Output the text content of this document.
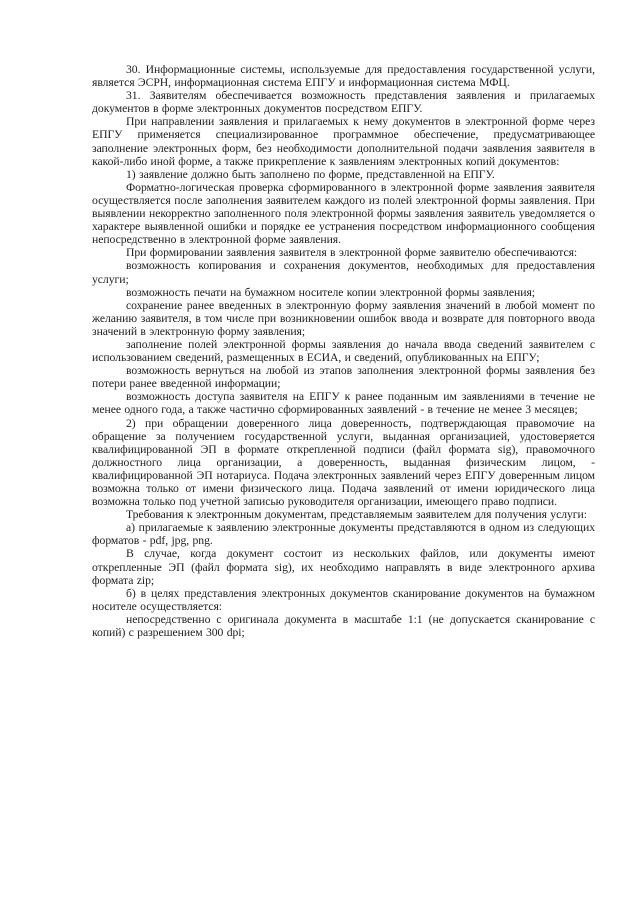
30. Информационные системы, используемые для предоставления государственной услуги, является ЭСРН, информационная система ЕПГУ и информационная система МФЦ.

31. Заявителям обеспечивается возможность представления заявления и прилагаемых документов в форме электронных документов посредством ЕПГУ.

При направлении заявления и прилагаемых к нему документов в электронной форме через ЕПГУ применяется специализированное программное обеспечение, предусматривающее заполнение электронных форм, без необходимости дополнительной подачи заявления заявителя в какой-либо иной форме, а также прикрепление к заявлениям электронных копий документов:

1) заявление должно быть заполнено по форме, представленной на ЕПГУ.

Форматно-логическая проверка сформированного в электронной форме заявления заявителя осуществляется после заполнения заявителем каждого из полей электронной формы заявления. При выявлении некорректно заполненного поля электронной формы заявления заявитель уведомляется о характере выявленной ошибки и порядке ее устранения посредством информационного сообщения непосредственно в электронной форме заявления.

При формировании заявления заявителя в электронной форме заявителю обеспечиваются:

возможность копирования и сохранения документов, необходимых для предоставления услуги;

возможность печати на бумажном носителе копии электронной формы заявления;

сохранение ранее введенных в электронную форму заявления значений в любой момент по желанию заявителя, в том числе при возникновении ошибок ввода и возврате для повторного ввода значений в электронную форму заявления;

заполнение полей электронной формы заявления до начала ввода сведений заявителем с использованием сведений, размещенных в ЕСИА, и сведений, опубликованных на ЕПГУ;

возможность вернуться на любой из этапов заполнения электронной формы заявления без потери ранее введенной информации;

возможность доступа заявителя на ЕПГУ к ранее поданным им заявлениями в течение не менее одного года, а также частично сформированных заявлений - в течение не менее 3 месяцев;

2) при обращении доверенного лица доверенность, подтверждающая правомочие на обращение за получением государственной услуги, выданная организацией, удостоверяется квалифицированной ЭП в формате открепленной подписи (файл формата sig), правомочного должностного лица организации, а доверенность, выданная физическим лицом, - квалифицированной ЭП нотариуса. Подача электронных заявлений через ЕПГУ доверенным лицом возможна только от имени физического лица. Подача заявлений от имени юридического лица возможна только под учетной записью руководителя организации, имеющего право подписи.

Требования к электронным документам, представляемым заявителем для получения услуги:

а) прилагаемые к заявлению электронные документы представляются в одном из следующих форматов - pdf, jpg, png.

В случае, когда документ состоит из нескольких файлов, или документы имеют открепленные ЭП (файл формата sig), их необходимо направлять в виде электронного архива формата zip;

б) в целях представления электронных документов сканирование документов на бумажном носителе осуществляется:

непосредственно с оригинала документа в масштабе 1:1 (не допускается сканирование с копий) с разрешением 300 dpi;
